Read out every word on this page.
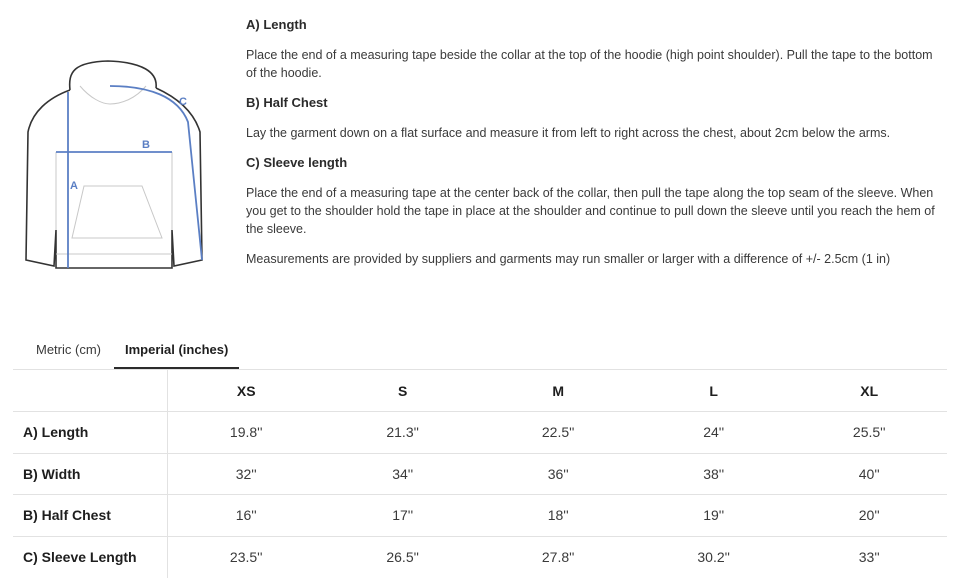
A
B
C
A) Length

Place the end of a measuring tape beside the collar at the top of the hoodie (high point shoulder). Pull the tape to the bottom of the hoodie.

B) Half Chest

Lay the garment down on a flat surface and measure it from left to right across the chest, about 2cm below the arms.

C) Sleeve length

Place the end of a measuring tape at the center back of the collar, then pull the tape along the top seam of the sleeve. When you get to the shoulder hold the tape in place at the shoulder and continue to pull down the sleeve until you reach the hem of the sleeve.

Measurements are provided by suppliers and garments may run smaller or larger with a difference of +/- 2.5cm (1 in)

Metric (cm)	Imperial (inches)
	XS	S	M	L	XL
A) Length	19.8''	21.3''	22.5''	24''	25.5''
B) Width	32''	34''	36''	38''	40''
B) Half Chest	16''	17''	18''	19''	20''
C) Sleeve Length	23.5''	26.5''	27.8''	30.2''	33''
